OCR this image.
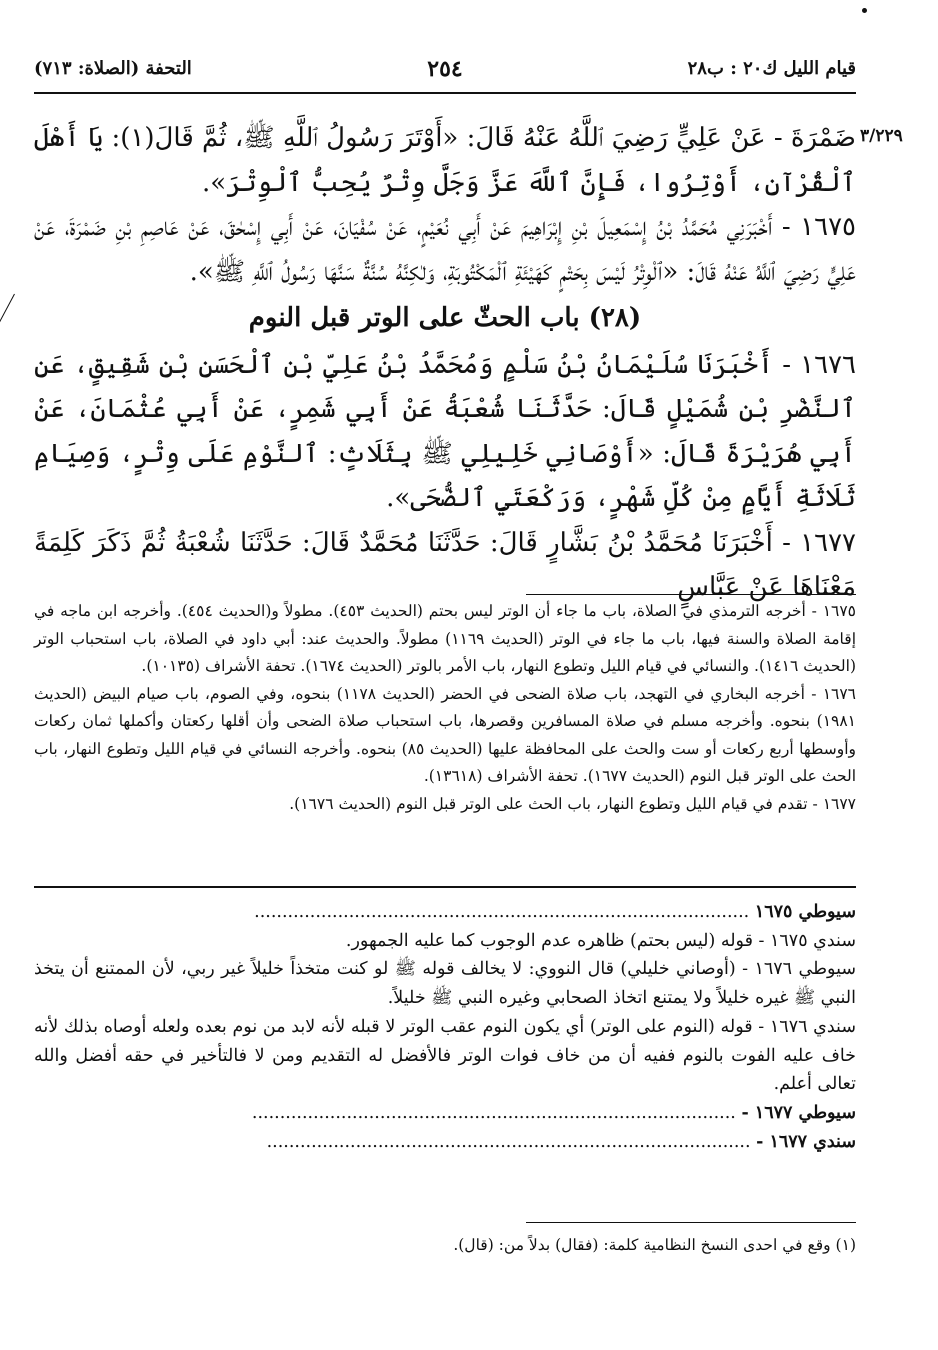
قيام الليل ك٢٠ : ب٢٨
٢٥٤
التحفة (الصلاة: ٧١٣)
٣/٢٢٩

ضَمْرَةَ - عَنْ عَلِيٍّ رَضِيَ ٱللَّهُ عَنْهُ قَالَ: «أَوْتَرَ رَسُولُ ٱللَّهِ ﷺ، ثُمَّ قَالَ(١): يَا أَهْلَ ٱلْقُرْآنِ، أَوْتِرُوا، فَإِنَّ ٱللَّهَ عَزَّ وَجَلَّ وِتْرٌ يُحِبُّ ٱلْوِتْرَ».

١٦٧٥ - أَخْبَرَنِي مُحَمَّدُ بْنُ إِسْمَعِيلَ بْنِ إِبْرَاهِيمَ عَنْ أَبِي نُعَيْمٍ، عَنْ سُفْيَانَ، عَنْ أَبِي إِسْحٰقَ، عَنْ عَاصِمِ بْنِ ضَمْرَةَ، عَنْ عَلِيٍّ رَضِيَ ٱللَّهُ عَنْهُ قَالَ: «ٱلْوِتْرُ لَيْسَ بِحَتْمٍ كَهَيْئَةِ ٱلْمَكْتُوبَةِ، وَلٰكِنَّهُ سُنَّةٌ سَنَّهَا رَسُولُ ٱللَّهِ ﷺ».

(٢٨) باب الحثّ على الوتر قبل النوم

١٦٧٦ - أَخْبَرَنَا سُلَيْمَانُ بْنُ سَلْمٍ وَمُحَمَّدُ بْنُ عَلِيِّ بْنِ ٱلْحَسَنِ بْنِ شَقِيقٍ، عَنِ ٱلنَّضْرِ بْنِ شُمَيْلٍ قَالَ: حَدَّثَنَا شُعْبَةُ عَنْ أَبِي شَمِرٍ، عَنْ أَبِي عُثْمَانَ، عَنْ أَبِي هُرَيْرَةَ قَالَ: «أَوْصَانِي خَلِيلِي ﷺ بِثَلَاثٍ: ٱلنَّوْمِ عَلَى وِتْرٍ، وَصِيَامِ ثَلَاثَةِ أَيَّامٍ مِنْ كُلِّ شَهْرٍ، وَرَكْعَتَيِ ٱلضُّحَى».

١٦٧٧ - أَخْبَرَنَا مُحَمَّدُ بْنُ بَشَّارٍ قَالَ: حَدَّثَنَا مُحَمَّدٌ قَالَ: حَدَّثَنَا شُعْبَةُ ثُمَّ ذَكَرَ كَلِمَةً مَعْنَاهَا عَنْ عَبَّاسٍ

١٦٧٥ - أخرجه الترمذي في الصلاة، باب ما جاء أن الوتر ليس بحتم (الحديث ٤٥٣). مطولاً و(الحديث ٤٥٤). وأخرجه ابن ماجه في إقامة الصلاة والسنة فيها، باب ما جاء في الوتر (الحديث ١١٦٩) مطولاً. والحديث عند: أبي داود في الصلاة، باب استحباب الوتر (الحديث ١٤١٦). والنسائي في قيام الليل وتطوع النهار، باب الأمر بالوتر (الحديث ١٦٧٤). تحفة الأشراف (١٠١٣٥).

١٦٧٦ - أخرجه البخاري في التهجد، باب صلاة الضحى في الحضر (الحديث ١١٧٨) بنحوه، وفي الصوم، باب صيام البيض (الحديث ١٩٨١) بنحوه. وأخرجه مسلم في صلاة المسافرين وقصرها، باب استحباب صلاة الضحى وأن أقلها ركعتان وأكملها ثمان ركعات وأوسطها أربع ركعات أو ست والحث على المحافظة عليها (الحديث ٨٥) بنحوه. وأخرجه النسائي في قيام الليل وتطوع النهار، باب الحث على الوتر قبل النوم (الحديث ١٦٧٧). تحفة الأشراف (١٣٦١٨).

١٦٧٧ - تقدم في قيام الليل وتطوع النهار، باب الحث على الوتر قبل النوم (الحديث ١٦٧٦).

سيوطي ١٦٧٥ .........................................................................................

سندي ١٦٧٥ - قوله (ليس بحتم) ظاهره عدم الوجوب كما عليه الجمهور.

سيوطي ١٦٧٦ - (أوصاني خليلي) قال النووي: لا يخالف قوله ﷺ لو كنت متخذاً خليلاً غير ربي، لأن الممتنع أن يتخذ النبي ﷺ غيره خليلاً ولا يمتنع اتخاذ الصحابي وغيره النبي ﷺ خليلاً.

سندي ١٦٧٦ - قوله (النوم على الوتر) أي يكون النوم عقب الوتر لا قبله لأنه لابد من نوم بعده ولعله أوصاه بذلك لأنه خاف عليه الفوت بالنوم ففيه أن من خاف فوات الوتر فالأفضل له التقديم ومن لا فالتأخير في حقه أفضل والله تعالى أعلم.

سيوطي ١٦٧٧ - .......................................................................................

سندي ١٦٧٧ - .......................................................................................

(١) وقع في احدى النسخ النظامية كلمة: (فقال) بدلاً من: (قال).
